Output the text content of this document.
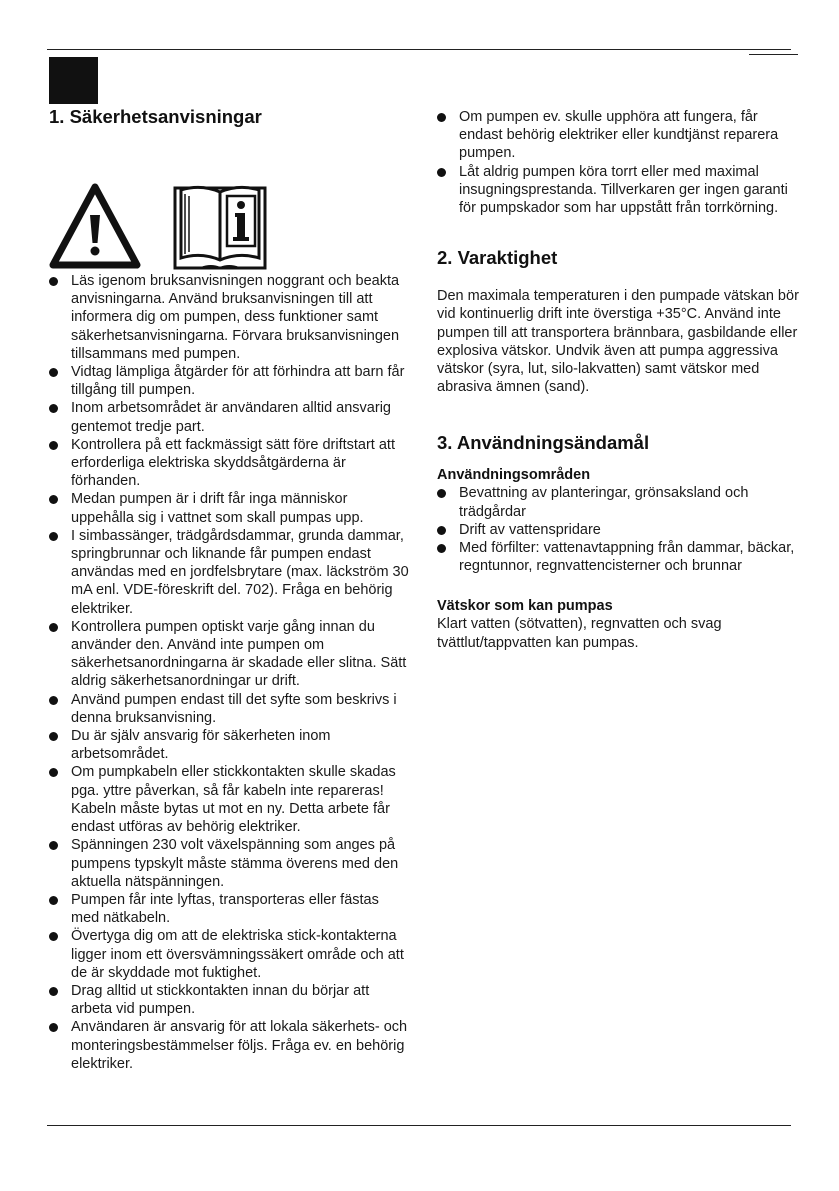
1. Säkerhetsanvisningar
Läs igenom bruksanvisningen noggrant och beakta anvisningarna. Använd bruksanvisningen till att informera dig om pumpen, dess funktioner samt säkerhetsanvisningarna. Förvara bruksanvisningen tillsammans med pumpen.
Vidtag lämpliga åtgärder för att förhindra att barn får tillgång till pumpen.
Inom arbetsområdet är användaren alltid ansvarig gentemot tredje part.
Kontrollera på ett fackmässigt sätt före driftstart att erforderliga elektriska skyddsåtgärderna är förhanden.
Medan pumpen är i drift får inga människor uppehålla sig i vattnet som skall pumpas upp.
I simbassänger, trädgårdsdammar, grunda dammar, springbrunnar och liknande får pumpen endast användas med en jordfelsbrytare (max. läckström 30 mA enl. VDE-föreskrift del. 702). Fråga en behörig elektriker.
Kontrollera pumpen optiskt varje gång innan du använder den. Använd inte pumpen om säkerhetsanordningarna är skadade eller slitna. Sätt aldrig säkerhetsanordningar ur drift.
Använd pumpen endast till det syfte som beskrivs i denna bruksanvisning.
Du är själv ansvarig för säkerheten inom arbetsområdet.
Om pumpkabeln eller stickkontakten skulle skadas pga. yttre påverkan, så får kabeln inte repareras! Kabeln måste bytas ut mot en ny. Detta arbete får endast utföras av behörig elektriker.
Spänningen 230 volt växelspänning som anges på pumpens typskylt måste stämma överens med den aktuella nätspänningen.
Pumpen får inte lyftas, transporteras eller fästas med nätkabeln.
Övertyga dig om att de elektriska stick-kontakterna ligger inom ett översvämningssäkert område och att de är skyddade mot fuktighet.
Drag alltid ut stickkontakten innan du börjar att arbeta vid pumpen.
Användaren är ansvarig för att lokala säkerhets- och monteringsbestämmelser följs. Fråga ev. en behörig elektriker.
Om pumpen ev. skulle upphöra att fungera, får endast behörig elektriker eller kundtjänst reparera pumpen.
Låt aldrig pumpen köra torrt eller med maximal insugningsprestanda. Tillverkaren ger ingen garanti för pumpskador som har uppstått från torrkörning.
2. Varaktighet

Den maximala temperaturen i den pumpade vätskan bör vid kontinuerlig drift inte överstiga +35°C. Använd inte pumpen till att transportera brännbara, gasbildande eller explosiva vätskor. Undvik även att pumpa aggressiva vätskor (syra, lut, silo-lakvatten) samt vätskor med abrasiva ämnen (sand).

3. Användningsändamål
Användningsområden
Bevattning av planteringar, grönsaksland och trädgårdar
Drift av vattenspridare
Med förfilter: vattenavtappning från dammar, bäckar, regntunnor, regnvattencisterner och brunnar
Vätskor som kan pumpas

Klart vatten (sötvatten), regnvatten och svag tvättlut/tappvatten kan pumpas.
